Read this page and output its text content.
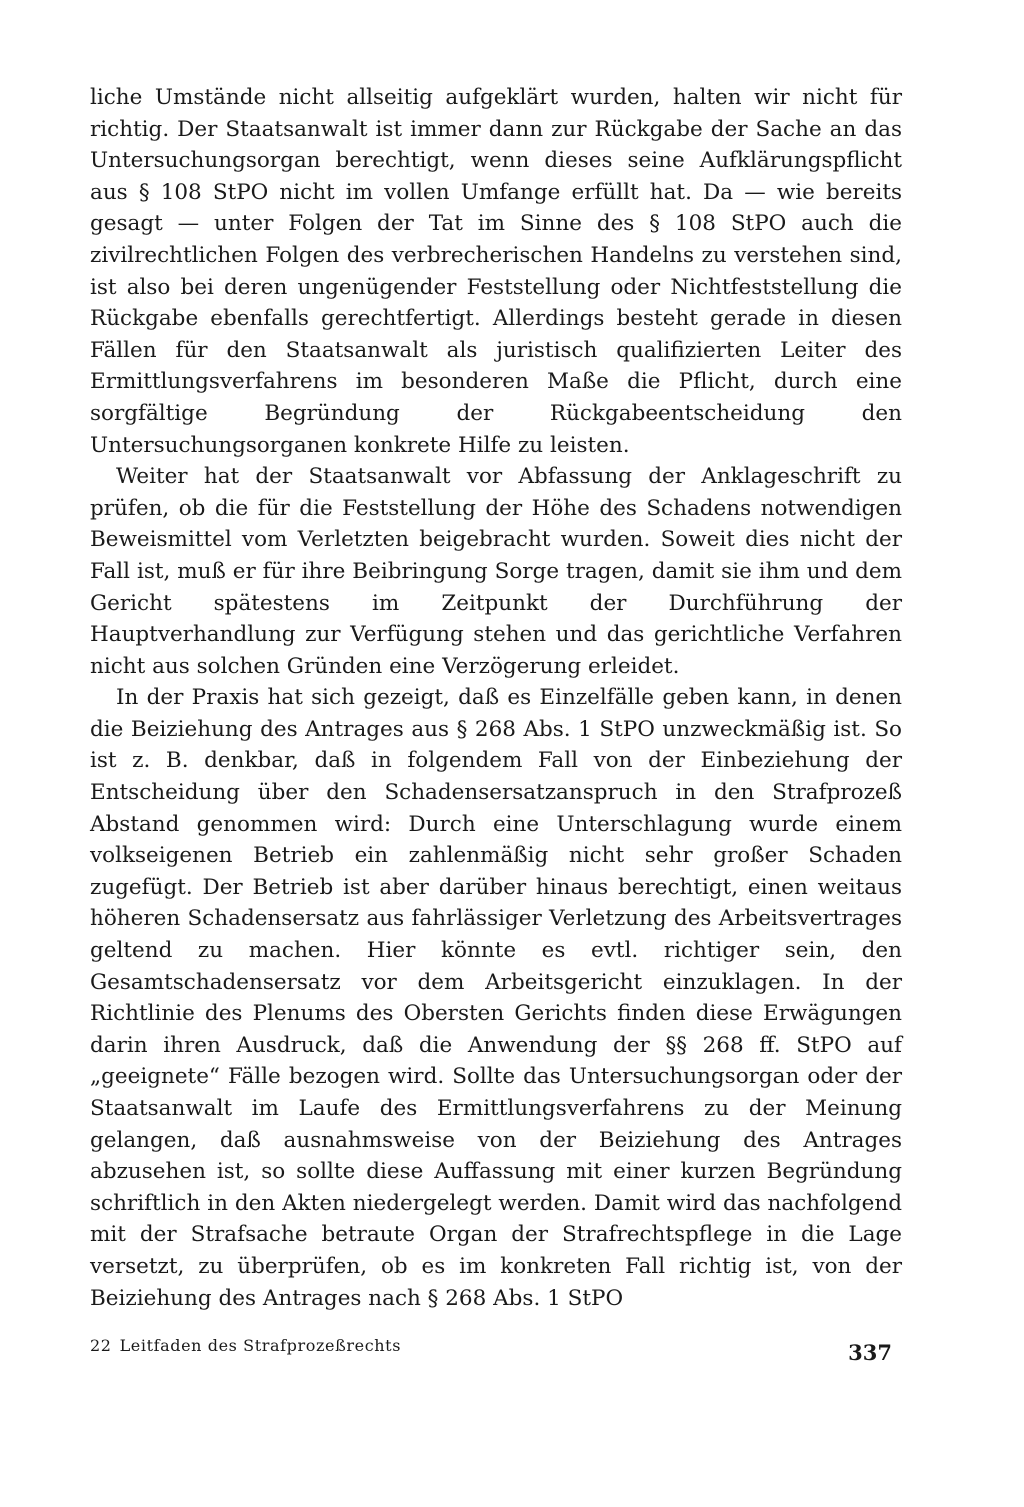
liche Umstände nicht allseitig aufgeklärt wurden, halten wir nicht für richtig. Der Staatsanwalt ist immer dann zur Rückgabe der Sache an das Untersuchungsorgan berechtigt, wenn dieses seine Aufklärungspflicht aus § 108 StPO nicht im vollen Umfange erfüllt hat. Da — wie bereits gesagt — unter Folgen der Tat im Sinne des § 108 StPO auch die zivilrechtlichen Folgen des verbrecherischen Handelns zu verstehen sind, ist also bei deren ungenügender Feststellung oder Nichtfeststellung die Rückgabe ebenfalls gerechtfertigt. Allerdings besteht gerade in diesen Fällen für den Staatsanwalt als juristisch qualifizierten Leiter des Ermittlungsverfahrens im besonderen Maße die Pflicht, durch eine sorgfältige Begründung der Rückgabeentscheidung den Untersuchungsorganen konkrete Hilfe zu leisten.

Weiter hat der Staatsanwalt vor Abfassung der Anklageschrift zu prüfen, ob die für die Feststellung der Höhe des Schadens notwendigen Beweismittel vom Verletzten beigebracht wurden. Soweit dies nicht der Fall ist, muß er für ihre Beibringung Sorge tragen, damit sie ihm und dem Gericht spätestens im Zeitpunkt der Durchführung der Hauptverhandlung zur Verfügung stehen und das gerichtliche Verfahren nicht aus solchen Gründen eine Verzögerung erleidet.

In der Praxis hat sich gezeigt, daß es Einzelfälle geben kann, in denen die Beiziehung des Antrages aus § 268 Abs. 1 StPO unzweckmäßig ist. So ist z. B. denkbar, daß in folgendem Fall von der Einbeziehung der Entscheidung über den Schadensersatzanspruch in den Strafprozeß Abstand genommen wird: Durch eine Unterschlagung wurde einem volkseigenen Betrieb ein zahlenmäßig nicht sehr großer Schaden zugefügt. Der Betrieb ist aber darüber hinaus berechtigt, einen weitaus höheren Schadensersatz aus fahrlässiger Verletzung des Arbeitsvertrages geltend zu machen. Hier könnte es evtl. richtiger sein, den Gesamtschadensersatz vor dem Arbeitsgericht einzuklagen. In der Richtlinie des Plenums des Obersten Gerichts finden diese Erwägungen darin ihren Ausdruck, daß die Anwendung der §§ 268 ff. StPO auf „geeignete“ Fälle bezogen wird. Sollte das Untersuchungsorgan oder der Staatsanwalt im Laufe des Ermittlungsverfahrens zu der Meinung gelangen, daß ausnahmsweise von der Beiziehung des Antrages abzusehen ist, so sollte diese Auffassung mit einer kurzen Begründung schriftlich in den Akten niedergelegt werden. Damit wird das nachfolgend mit der Strafsache betraute Organ der Strafrechtspflege in die Lage versetzt, zu überprüfen, ob es im konkreten Fall richtig ist, von der Beiziehung des Antrages nach § 268 Abs. 1 StPO

22 Leitfaden des Strafprozeßrechts	337
